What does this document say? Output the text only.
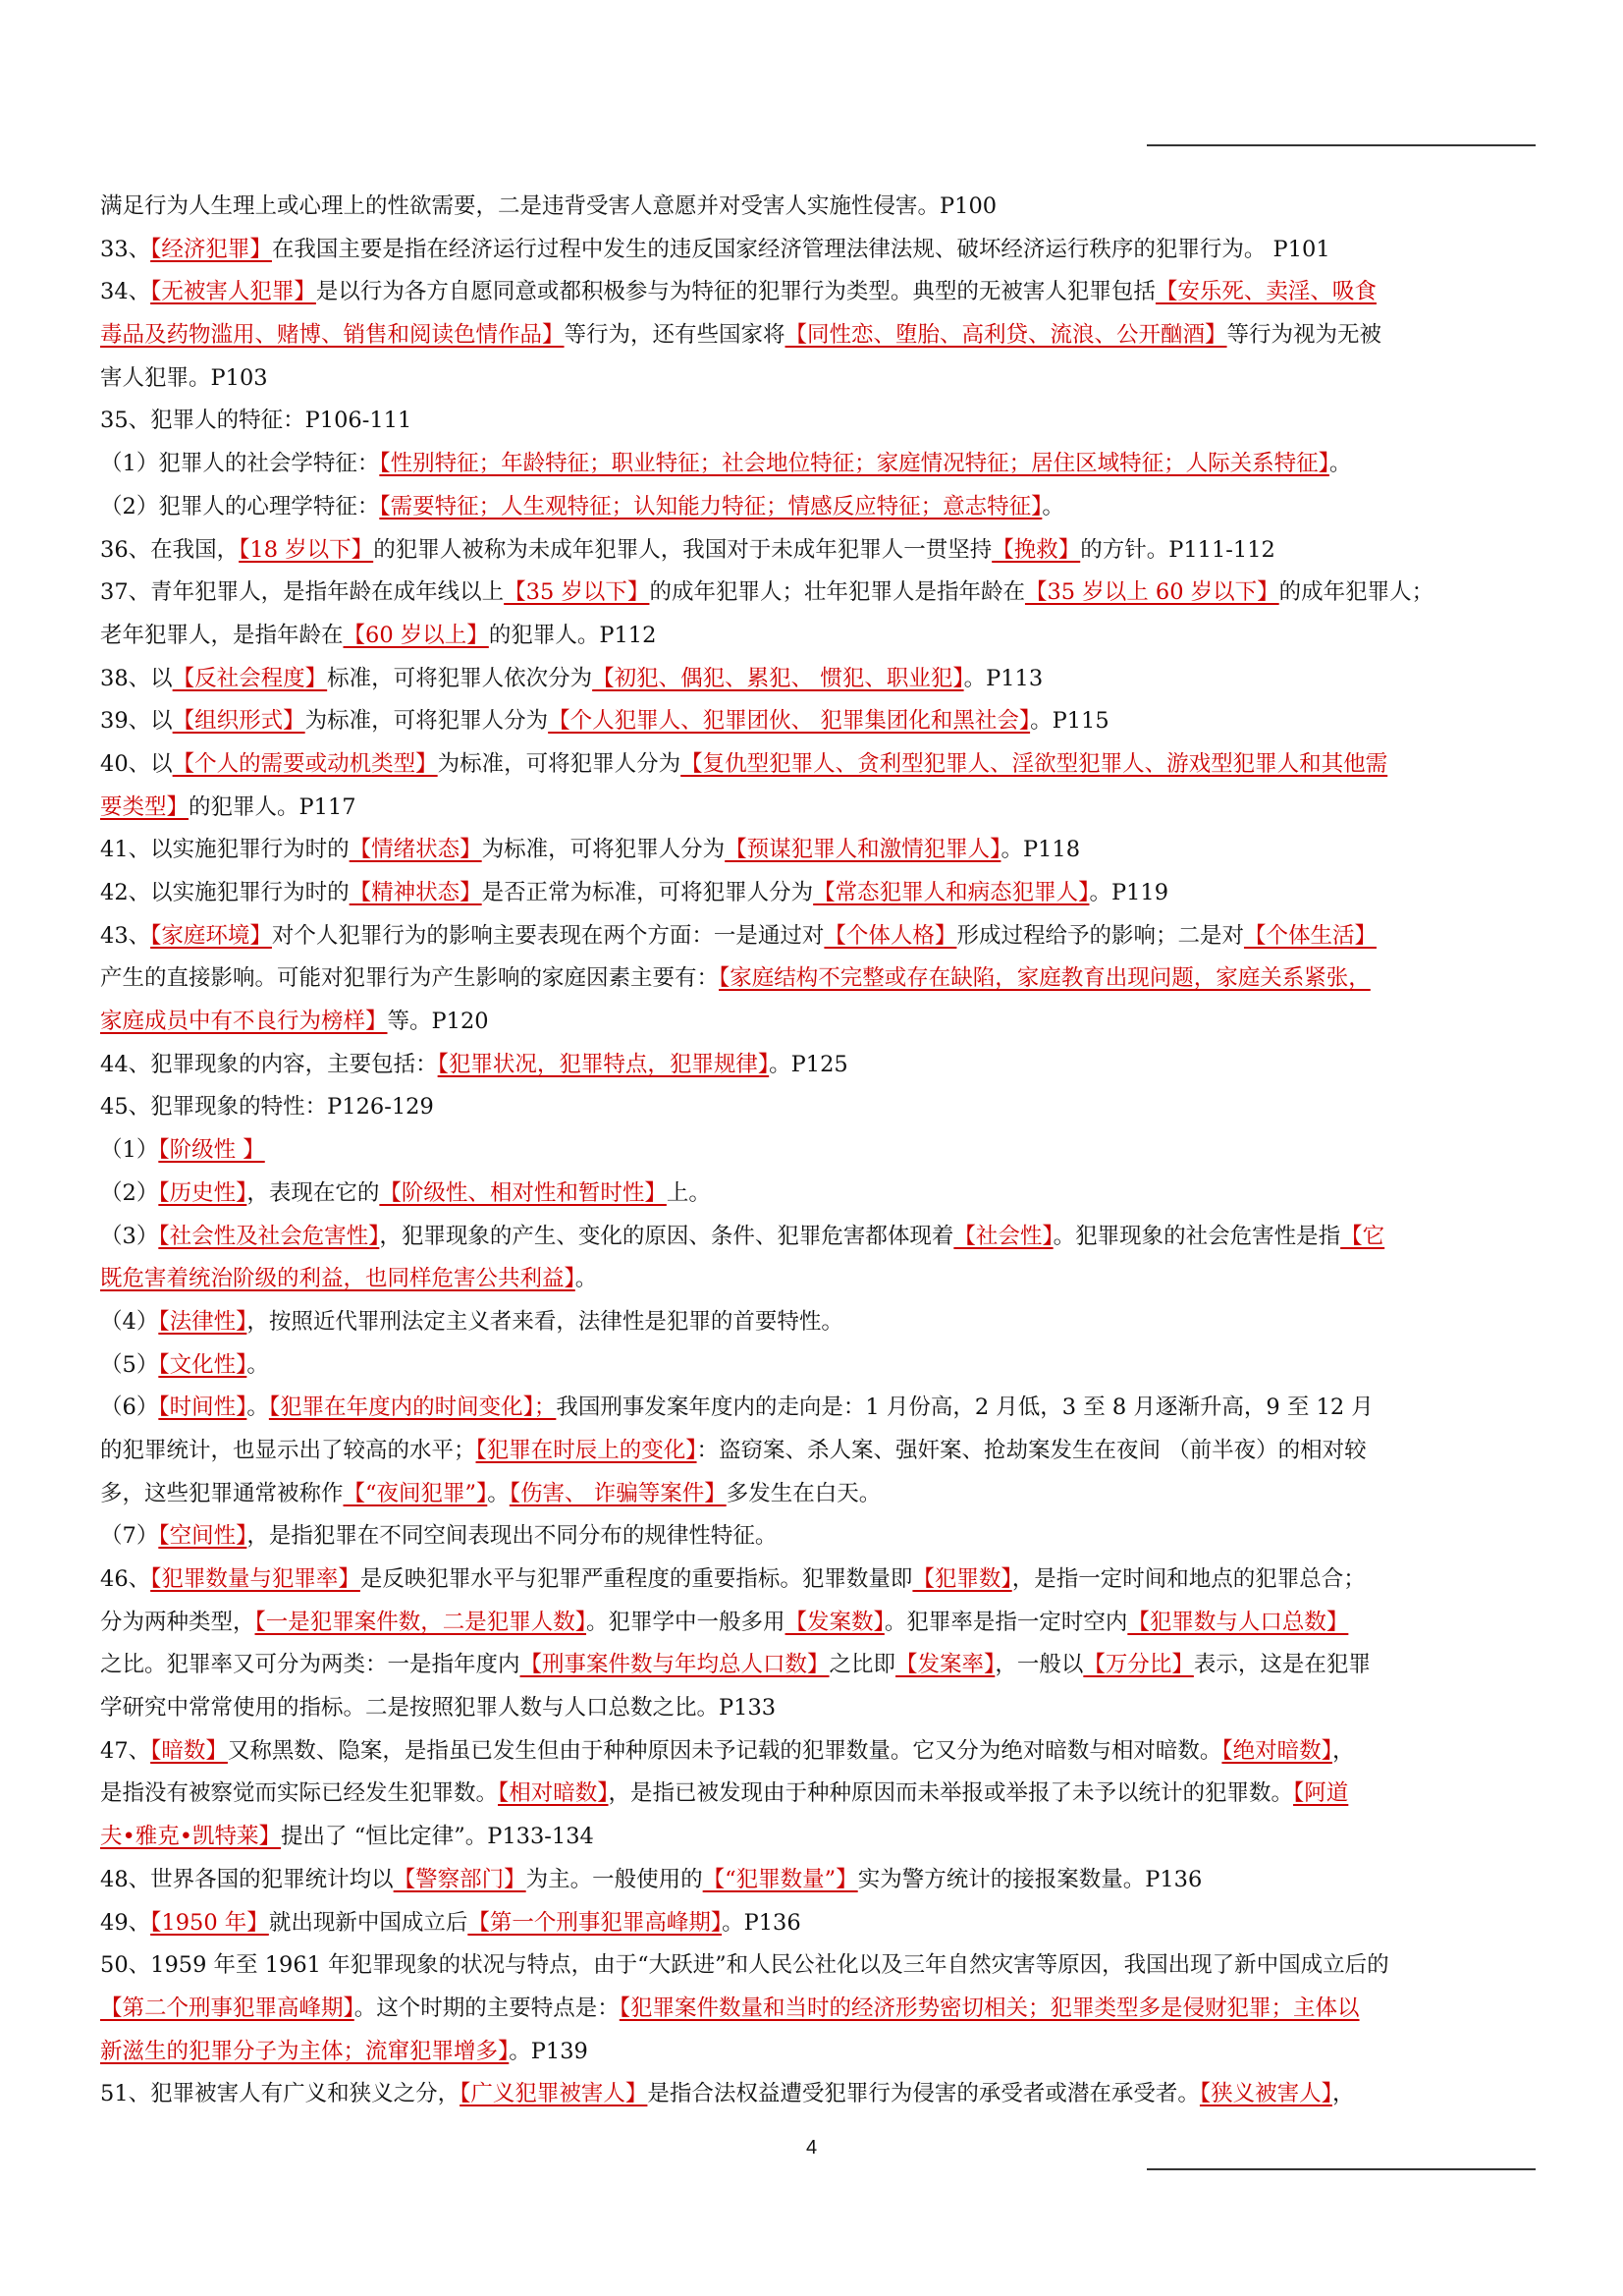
满足行为人生理上或心理上的性欲需要，二是违背受害人意愿并对受害人实施性侵害。P100
33、【经济犯罪】在我国主要是指在经济运行过程中发生的违反国家经济管理法律法规、破坏经济运行秩序的犯罪行为。 P101
34、【无被害人犯罪】是以行为各方自愿同意或都积极参与为特征的犯罪行为类型。典型的无被害人犯罪包括【安乐死、卖淫、吸食
毒品及药物滥用、赌博、销售和阅读色情作品】等行为，还有些国家将【同性恋、堕胎、高利贷、流浪、公开酗酒】等行为视为无被
害人犯罪。P103
35、犯罪人的特征：P106-111
（1）犯罪人的社会学特征：【性别特征；年龄特征；职业特征；社会地位特征；家庭情况特征；居住区域特征；人际关系特征】。
（2）犯罪人的心理学特征：【需要特征；人生观特征；认知能力特征；情感反应特征；意志特征】。
36、在我国，【18 岁以下】的犯罪人被称为未成年犯罪人，我国对于未成年犯罪人一贯坚持【挽救】的方针。P111-112
37、青年犯罪人，是指年龄在成年线以上【35 岁以下】的成年犯罪人；壮年犯罪人是指年龄在【35 岁以上 60 岁以下】的成年犯罪人；
老年犯罪人，是指年龄在【60 岁以上】的犯罪人。P112
38、以【反社会程度】标准，可将犯罪人依次分为【初犯、偶犯、累犯、 惯犯、职业犯】。P113
39、以【组织形式】为标准，可将犯罪人分为【个人犯罪人、犯罪团伙、 犯罪集团化和黑社会】。P115
40、以【个人的需要或动机类型】为标准，可将犯罪人分为【复仇型犯罪人、贪利型犯罪人、淫欲型犯罪人、游戏型犯罪人和其他需
要类型】的犯罪人。P117
41、以实施犯罪行为时的【情绪状态】为标准，可将犯罪人分为【预谋犯罪人和激情犯罪人】。P118
42、以实施犯罪行为时的【精神状态】是否正常为标准，可将犯罪人分为【常态犯罪人和病态犯罪人】。P119
43、【家庭环境】对个人犯罪行为的影响主要表现在两个方面：一是通过对【个体人格】形成过程给予的影响；二是对【个体生活】
产生的直接影响。可能对犯罪行为产生影响的家庭因素主要有：【家庭结构不完整或存在缺陷，家庭教育出现问题，家庭关系紧张，
家庭成员中有不良行为榜样】等。P120
44、犯罪现象的内容，主要包括：【犯罪状况，犯罪特点，犯罪规律】。P125
45、犯罪现象的特性：P126-129
（1）【阶级性 】
（2）【历史性】，表现在它的【阶级性、相对性和暂时性】上。
（3）【社会性及社会危害性】，犯罪现象的产生、变化的原因、条件、犯罪危害都体现着【社会性】。犯罪现象的社会危害性是指【它
既危害着统治阶级的利益，也同样危害公共利益】。
（4）【法律性】，按照近代罪刑法定主义者来看，法律性是犯罪的首要特性。
（5）【文化性】。
（6）【时间性】。【犯罪在年度内的时间变化】；我国刑事发案年度内的走向是：1 月份高，2 月低，3 至 8 月逐渐升高，9 至 12 月
的犯罪统计，也显示出了较高的水平；【犯罪在时辰上的变化】：盗窃案、杀人案、强奸案、抢劫案发生在夜间 （前半夜）的相对较
多，这些犯罪通常被称作【“夜间犯罪”】。【伤害、 诈骗等案件】多发生在白天。
（7）【空间性】，是指犯罪在不同空间表现出不同分布的规律性特征。
46、【犯罪数量与犯罪率】是反映犯罪水平与犯罪严重程度的重要指标。犯罪数量即【犯罪数】，是指一定时间和地点的犯罪总合；
分为两种类型，【一是犯罪案件数，二是犯罪人数】。犯罪学中一般多用【发案数】。犯罪率是指一定时空内【犯罪数与人口总数】
之比。犯罪率又可分为两类：一是指年度内【刑事案件数与年均总人口数】之比即【发案率】，一般以【万分比】表示，这是在犯罪
学研究中常常使用的指标。二是按照犯罪人数与人口总数之比。P133
47、【暗数】又称黑数、隐案，是指虽已发生但由于种种原因未予记载的犯罪数量。它又分为绝对暗数与相对暗数。【绝对暗数】，
是指没有被察觉而实际已经发生犯罪数。【相对暗数】，是指已被发现由于种种原因而未举报或举报了未予以统计的犯罪数。【阿道
夫•雅克•凯特莱】提出了 “恒比定律”。P133-134
48、世界各国的犯罪统计均以【警察部门】为主。一般使用的【“犯罪数量”】实为警方统计的接报案数量。P136
49、【1950 年】就出现新中国成立后【第一个刑事犯罪高峰期】。P136
50、1959 年至 1961 年犯罪现象的状况与特点，由于“大跃进”和人民公社化以及三年自然灾害等原因，我国出现了新中国成立后的
【第二个刑事犯罪高峰期】。这个时期的主要特点是：【犯罪案件数量和当时的经济形势密切相关；犯罪类型多是侵财犯罪；主体以
新滋生的犯罪分子为主体；流窜犯罪增多】。P139
51、犯罪被害人有广义和狭义之分，【广义犯罪被害人】是指合法权益遭受犯罪行为侵害的承受者或潜在承受者。【狭义被害人】，
4
